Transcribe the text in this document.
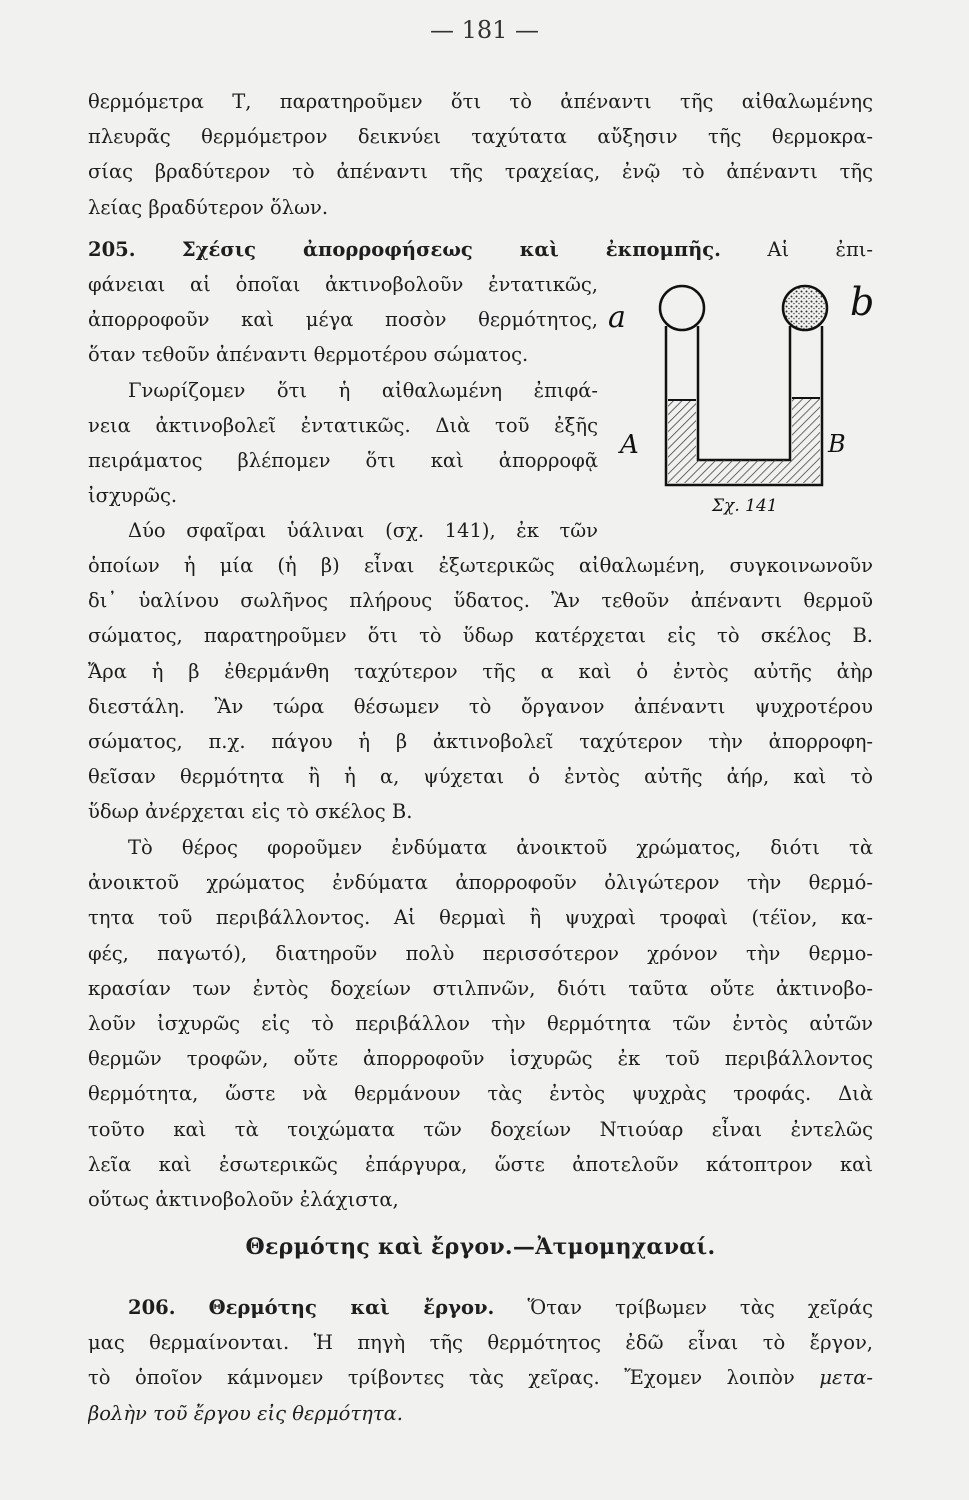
— 181 —
θερμόμετρα Τ, παρατηροῦμεν ὅτι τὸ ἀπέναντι τῆς αἰθαλωμένης
πλευρᾶς θερμόμετρον δεικνύει ταχύτατα αὔξησιν τῆς θερμοκρα-
σίας βραδύτερον τὸ ἀπέναντι τῆς τραχείας, ἐνῷ τὸ ἀπέναντι τῆς
λείας βραδύτερον ὅλων.
205. Σχέσις ἀπορροφήσεως καὶ ἐκπομπῆς. Αἱ ἐπι-
φάνειαι αἱ ὁποῖαι ἀκτινοβολοῦν ἐντατικῶς,
ἀπορροφοῦν καὶ μέγα ποσὸν θερμότητος,
ὅταν τεθοῦν ἀπέναντι θερμοτέρου σώματος.
Γνωρίζομεν ὅτι ἡ αἰθαλωμένη ἐπιφά-
νεια ἀκτινοβολεῖ ἐντατικῶς. Διὰ τοῦ ἐξῆς
πειράματος βλέπομεν ὅτι καὶ ἀπορροφᾷ
ἰσχυρῶς.
Δύο σφαῖραι ὑάλιναι (σχ. 141), ἐκ τῶν
a	b
A	B
Σχ. 141
ὁποίων ἡ μία (ἡ β) εἶναι ἐξωτερικῶς αἰθαλωμένη, συγκοινωνοῦν
δι᾽ ὑαλίνου σωλῆνος πλήρους ὕδατος. Ἂν τεθοῦν ἀπέναντι θερμοῦ
σώματος, παρατηροῦμεν ὅτι τὸ ὕδωρ κατέρχεται εἰς τὸ σκέλος Β.
Ἄρα ἡ β ἐθερμάνθη ταχύτερον τῆς α καὶ ὁ ἐντὸς αὐτῆς ἀὴρ
διεστάλη. Ἂν τώρα θέσωμεν τὸ ὄργανον ἀπέναντι ψυχροτέρου
σώματος, π.χ. πάγου ἡ β ἀκτινοβολεῖ ταχύτερον τὴν ἀπορροφη-
θεῖσαν θερμότητα ἢ ἡ α, ψύχεται ὁ ἐντὸς αὐτῆς ἀήρ, καὶ τὸ
ὕδωρ ἀνέρχεται εἰς τὸ σκέλος Β.
Τὸ θέρος φοροῦμεν ἐνδύματα ἀνοικτοῦ χρώματος, διότι τὰ
ἀνοικτοῦ χρώματος ἐνδύματα ἀπορροφοῦν ὀλιγώτερον τὴν θερμό-
τητα τοῦ περιβάλλοντος. Αἱ θερμαὶ ἢ ψυχραὶ τροφαὶ (τέϊον, κα-
φές, παγωτό), διατηροῦν πολὺ περισσότερον χρόνον τὴν θερμο-
κρασίαν των ἐντὸς δοχείων στιλπνῶν, διότι ταῦτα οὔτε ἀκτινοβο-
λοῦν ἰσχυρῶς εἰς τὸ περιβάλλον τὴν θερμότητα τῶν ἐντὸς αὐτῶν
θερμῶν τροφῶν, οὔτε ἀπορροφοῦν ἰσχυρῶς ἐκ τοῦ περιβάλλοντος
θερμότητα, ὥστε νὰ θερμάνουν τὰς ἐντὸς ψυχρὰς τροφάς. Διὰ
τοῦτο καὶ τὰ τοιχώματα τῶν δοχείων Ντιούαρ εἶναι ἐντελῶς
λεῖα καὶ ἐσωτερικῶς ἐπάργυρα, ὥστε ἀποτελοῦν κάτοπτρον καὶ
οὕτως ἀκτινοβολοῦν ἐλάχιστα,
Θερμότης καὶ ἔργον.—Ἀτμομηχαναί.
206. Θερμότης καὶ ἔργον. Ὅταν τρίβωμεν τὰς χεῖράς
μας θερμαίνονται. Ἡ πηγὴ τῆς θερμότητος ἐδῶ εἶναι τὸ ἔργον,
τὸ ὁποῖον κάμνομεν τρίβοντες τὰς χεῖρας. Ἔχομεν λοιπὸν μετα-
βολὴν τοῦ ἔργου εἰς θερμότητα.
